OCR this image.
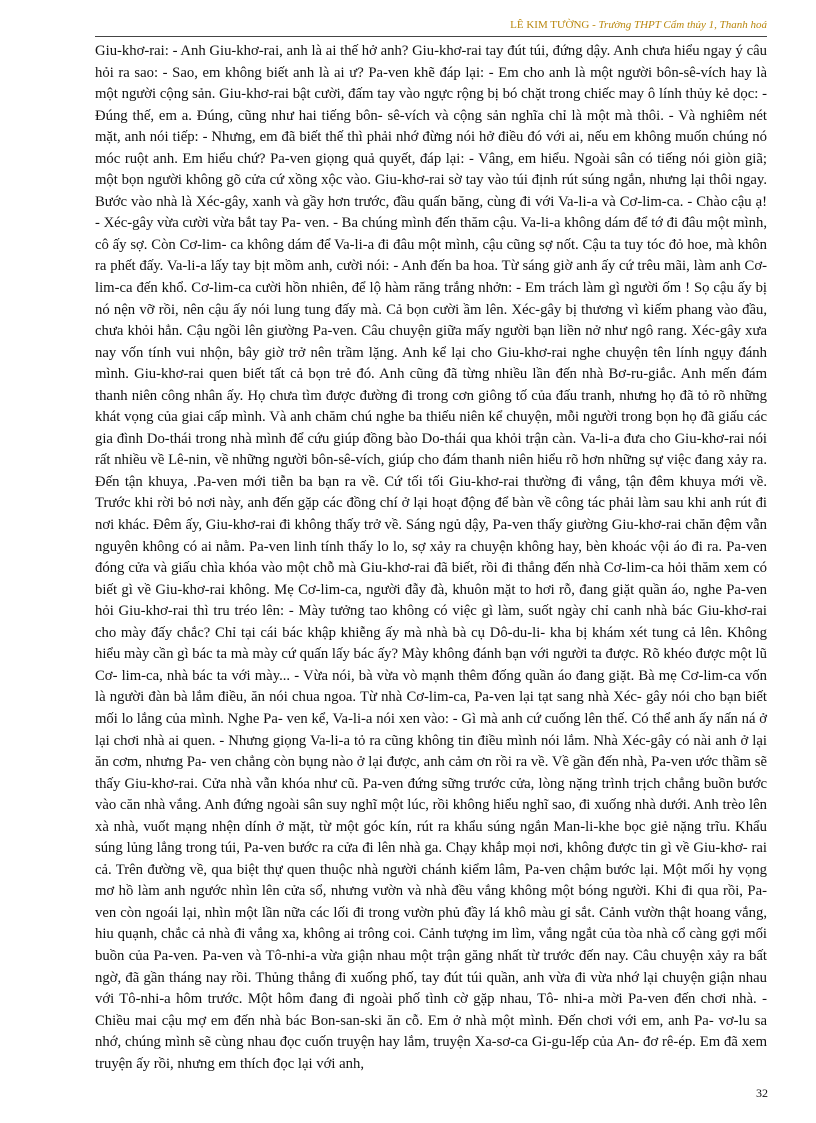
LÊ KIM TƯỜNG - Trường THPT Cẩm thủy 1, Thanh hoá

Giu-khơ-rai: - Anh Giu-khơ-rai, anh là ai thế hở anh? Giu-khơ-rai tay đút túi, đứng dậy. Anh chưa hiểu ngay ý câu hỏi ra sao: - Sao, em không biết anh là ai ư? Pa-ven khẽ đáp lại: - Em cho anh là một người bôn-sê-vích hay là một người cộng sản. Giu-khơ-rai bật cười, đấm tay vào ngực rộng bị bó chặt trong chiếc may ô lính thủy kẻ dọc: - Đúng thế, em a. Đúng, cũng như hai tiếng bôn- sê-vích và cộng sản nghĩa chỉ là một mà thôi. - Và nghiêm nét mặt, anh nói tiếp: - Nhưng, em đã biết thế thì phải nhớ đừng nói hở điều đó với ai, nếu em không muốn chúng nó móc ruột anh. Em hiểu chứ? Pa-ven giọng quả quyết, đáp lại: - Vâng, em hiểu. Ngoài sân có tiếng nói giòn giã; một bọn người không gõ cửa cứ xồng xộc vào. Giu-khơ-rai sờ tay vào túi định rút súng ngắn, nhưng lại thôi ngay. Bước vào nhà là Xéc-gây, xanh và gầy hơn trước, đầu quấn băng, cùng đi với Va-li-a và Cơ-lim-ca. - Chào cậu ạ! - Xéc-gây vừa cười vừa bắt tay Pa- ven. - Ba chúng mình đến thăm cậu. Va-li-a không dám để tớ đi đâu một mình, cô ấy sợ. Còn Cơ-lim- ca không dám để Va-li-a đi đâu một mình, cậu cũng sợ nốt. Cậu ta tuy tóc đỏ hoe, mà khôn ra phết đấy. Va-li-a lấy tay bịt mồm anh, cười nói: - Anh đến ba hoa. Từ sáng giờ anh ấy cứ trêu mãi, làm anh Cơ-lim-ca đến khổ. Cơ-lim-ca cười hồn nhiên, để lộ hàm răng trắng nhởn: - Em trách làm gì người ốm ! Sọ cậu ấy bị nó nện vỡ rồi, nên cậu ấy nói lung tung đấy mà. Cả bọn cười ầm lên. Xéc-gây bị thương vì kiếm phang vào đầu, chưa khỏi hẳn. Cậu ngồi lên giường Pa-ven. Câu chuyện giữa mấy người bạn liền nở như ngô rang. Xéc-gây xưa nay vốn tính vui nhộn, bây giờ trở nên trầm lặng. Anh kể lại cho Giu-khơ-rai nghe chuyện tên lính ngụy đánh mình. Giu-khơ-rai quen biết tất cả bọn trẻ đó. Anh cũng đã từng nhiều lần đến nhà Bơ-ru-giắc. Anh mến đám thanh niên công nhân ấy. Họ chưa tìm được đường đi trong cơn giông tố của đấu tranh, nhưng họ đã tỏ rõ những khát vọng của giai cấp mình. Và anh chăm chú nghe ba thiếu niên kể chuyện, mỗi người trong bọn họ đã giấu các gia đình Do-thái trong nhà mình để cứu giúp đồng bào Do-thái qua khỏi trận càn. Va-li-a đưa cho Giu-khơ-rai nói rất nhiều về Lê-nin, về những người bôn-sê-vích, giúp cho đám thanh niên hiểu rõ hơn những sự việc đang xảy ra. Đến tận khuya, .Pa-ven mới tiễn ba bạn ra về. Cứ tối tối Giu-khơ-rai thường đi vắng, tận đêm khuya mới về. Trước khi rời bỏ nơi này, anh đến gặp các đồng chí ở lại hoạt động để bàn về công tác phải làm sau khi anh rút đi nơi khác. Đêm ấy, Giu-khơ-rai đi không thấy trở về. Sáng ngủ dậy, Pa-ven thấy giường Giu-khơ-rai chăn đệm vẫn nguyên không có ai nằm. Pa-ven linh tính thấy lo lo, sợ xảy ra chuyện không hay, bèn khoác vội áo đi ra. Pa-ven đóng cửa và giấu chìa khóa vào một chỗ mà Giu-khơ-rai đã biết, rồi đi thẳng đến nhà Cơ-lim-ca hỏi thăm xem có biết gì về Giu-khơ-rai không. Mẹ Cơ-lim-ca, người đẫy đà, khuôn mặt to hơi rỗ, đang giặt quần áo, nghe Pa-ven hỏi Giu-khơ-rai thì tru tréo lên: - Mày tưởng tao không có việc gì làm, suốt ngày chỉ canh nhà bác Giu-khơ-rai cho mày đấy chắc? Chỉ tại cái bác khập khiễng ấy mà nhà bà cụ Dô-du-li- kha bị khám xét tung cả lên. Không hiểu mày cần gì bác ta mà mày cứ quấn lấy bác ấy? Mày không đánh bạn với người ta được. Rõ khéo được một lũ Cơ- lim-ca, nhà bác ta với mày... - Vừa nói, bà vừa vò mạnh thêm đống quần áo đang giặt. Bà mẹ Cơ-lim-ca vốn là người đàn bà lắm điều, ăn nói chua ngoa. Từ nhà Cơ-lim-ca, Pa-ven lại tạt sang nhà Xéc- gây nói cho bạn biết mối lo lắng của mình. Nghe Pa- ven kể, Va-li-a nói xen vào: - Gì mà anh cứ cuống lên thế. Có thể anh ấy nấn ná ở lại chơi nhà ai quen. - Nhưng giọng Va-li-a tỏ ra cũng không tin điều mình nói lắm. Nhà Xéc-gây có nài anh ở lại ăn cơm, nhưng Pa- ven chẳng còn bụng nào ở lại được, anh cảm ơn rồi ra về. Về gần đến nhà, Pa-ven ước thầm sẽ thấy Giu-khơ-rai. Cửa nhà vẫn khóa như cũ. Pa-ven đứng sững trước cửa, lòng nặng trình trịch chẳng buồn bước vào căn nhà vắng. Anh đứng ngoài sân suy nghĩ một lúc, rồi không hiểu nghĩ sao, đi xuống nhà dưới. Anh trèo lên xà nhà, vuốt mạng nhện dính ở mặt, từ một góc kín, rút ra khẩu súng ngắn Man-li-khe bọc giẻ nặng trĩu. Khẩu súng lủng lẳng trong túi, Pa-ven bước ra cửa đi lên nhà ga. Chạy khắp mọi nơi, không được tin gì về Giu-khơ- rai cả. Trên đường về, qua biệt thự quen thuộc nhà người chánh kiểm lâm, Pa-ven chậm bước lại. Một mối hy vọng mơ hồ làm anh ngước nhìn lên cửa sổ, nhưng vườn và nhà đều vắng không một bóng người. Khi đi qua rồi, Pa-ven còn ngoái lại, nhìn một lần nữa các lối đi trong vườn phủ đầy lá khô màu gỉ sắt. Cảnh vườn thật hoang vắng, hiu quạnh, chắc cả nhà đi vắng xa, không ai trông coi. Cảnh tượng im lìm, vắng ngắt của tòa nhà cổ càng gợi mối buồn của Pa-ven. Pa-ven và Tô-nhi-a vừa giận nhau một trận găng nhất từ trước đến nay. Câu chuyện xảy ra bất ngờ, đã gần tháng nay rồi. Thủng thẳng đi xuống phố, tay đút túi quần, anh vừa đi vừa nhớ lại chuyện giận nhau với Tô-nhi-a hôm trước. Một hôm đang đi ngoài phố tình cờ gặp nhau, Tô- nhi-a mời Pa-ven đến chơi nhà. - Chiều mai cậu mợ em đến nhà bác Bon-san-ski ăn cỗ. Em ở nhà một mình. Đến chơi với em, anh Pa- vơ-lu sa nhớ, chúng mình sẽ cùng nhau đọc cuốn truyện hay lắm, truyện Xa-sơ-ca Gi-gu-lếp của An- đơ rê-ép. Em đã xem truyện ấy rồi, nhưng em thích đọc lại với anh,

32
